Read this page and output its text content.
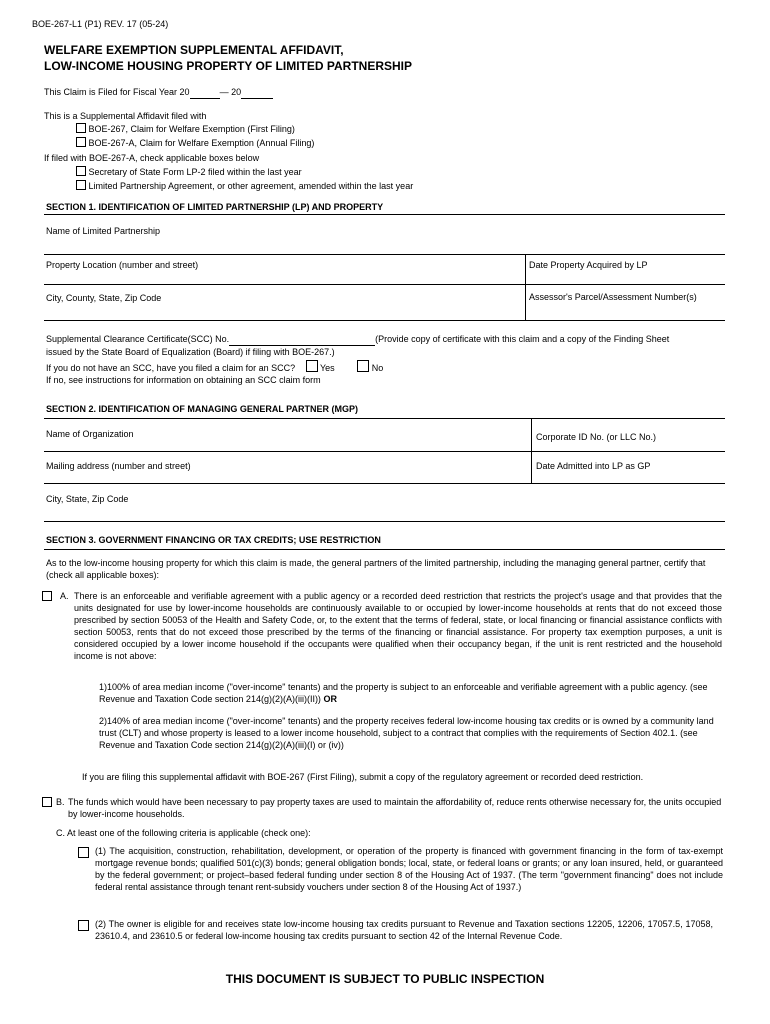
BOE-267-L1 (P1) REV. 17 (05-24)
WELFARE EXEMPTION SUPPLEMENTAL AFFIDAVIT,
LOW-INCOME HOUSING PROPERTY OF LIMITED PARTNERSHIP
This Claim is Filed for Fiscal Year 20	— 20
This is a Supplemental Affidavit filed with
BOE-267, Claim for Welfare Exemption (First Filing)
BOE-267-A, Claim for Welfare Exemption (Annual Filing)
If filed with BOE-267-A, check applicable boxes below
Secretary of State Form LP-2 filed within the last year
Limited Partnership Agreement, or other agreement, amended within the last year
SECTION 1. IDENTIFICATION OF LIMITED PARTNERSHIP (LP) AND PROPERTY
Name of Limited Partnership
Property Location (number and street)	Date Property Acquired by LP
City, County, State, Zip Code	Assessor's Parcel/Assessment Number(s)
Supplemental Clearance Certificate(SCC) No.	(Provide copy of certificate with this claim and a copy of the Finding Sheet
issued by the State Board of Equalization (Board) if filing with BOE-267.)
If you do not have an SCC, have you filed a claim for an SCC?	Yes	No
If no, see instructions for information on obtaining an SCC claim form
SECTION 2. IDENTIFICATION OF MANAGING GENERAL PARTNER (MGP)
Name of Organization	Corporate ID No. (or LLC No.)
Mailing address (number and street)	Date Admitted into LP as GP
City, State, Zip Code
SECTION 3. GOVERNMENT FINANCING OR TAX CREDITS; USE RESTRICTION
As to the low-income housing property for which this claim is made, the general partners of the limited partnership, including the managing general partner, certify that (check all applicable boxes):
A. There is an enforceable and verifiable agreement with a public agency or a recorded deed restriction that restricts the project's usage and that provides that the units designated for use by lower-income households are continuously available to or occupied by lower-income households at rents that do not exceed those prescribed by section 50053 of the Health and Safety Code, or, to the extent that the terms of federal, state, or local financing or financial assistance conflicts with section 50053, rents that do not exceed those prescribed by the terms of the financing or financial assistance. For property tax exemption purposes, a unit is considered occupied by a lower income household if the occupants were qualified when their occupancy began, if the unit is rent restricted and the household income is not above:

1)100% of area median income ("over-income" tenants) and the property is subject to an enforceable and verifiable agreement with a public agency. (see Revenue and Taxation Code section 214(g)(2)(A)(iii)(II)) OR

2)140% of area median income ("over-income" tenants) and the property receives federal low-income housing tax credits or is owned by a community land trust (CLT) and whose property is leased to a lower income household, subject to a contract that complies with the requirements of Section 402.1. (see Revenue and Taxation Code section 214(g)(2)(A)(iii)(I) or (iv))

If you are filing this supplemental affidavit with BOE-267 (First Filing), submit a copy of the regulatory agreement or recorded deed restriction.

B. The funds which would have been necessary to pay property taxes are used to maintain the affordability of, reduce rents otherwise necessary for, the units occupied by lower-income households.

C. At least one of the following criteria is applicable (check one):

(1) The acquisition, construction, rehabilitation, development, or operation of the property is financed with government financing in the form of tax-exempt mortgage revenue bonds; qualified 501(c)(3) bonds; general obligation bonds; local, state, or federal loans or grants; or any loan insured, held, or guaranteed by the federal government; or project–based federal funding under section 8 of the Housing Act of 1937. (The term "government financing" does not include federal rental assistance through tenant rent-subsidy vouchers under section 8 of the Housing Act of 1937.)

(2) The owner is eligible for and receives state low-income housing tax credits pursuant to Revenue and Taxation sections 12205, 12206, 17057.5, 17058, 23610.4, and 23610.5 or federal low-income housing tax credits pursuant to section 42 of the Internal Revenue Code.

THIS DOCUMENT IS SUBJECT TO PUBLIC INSPECTION
